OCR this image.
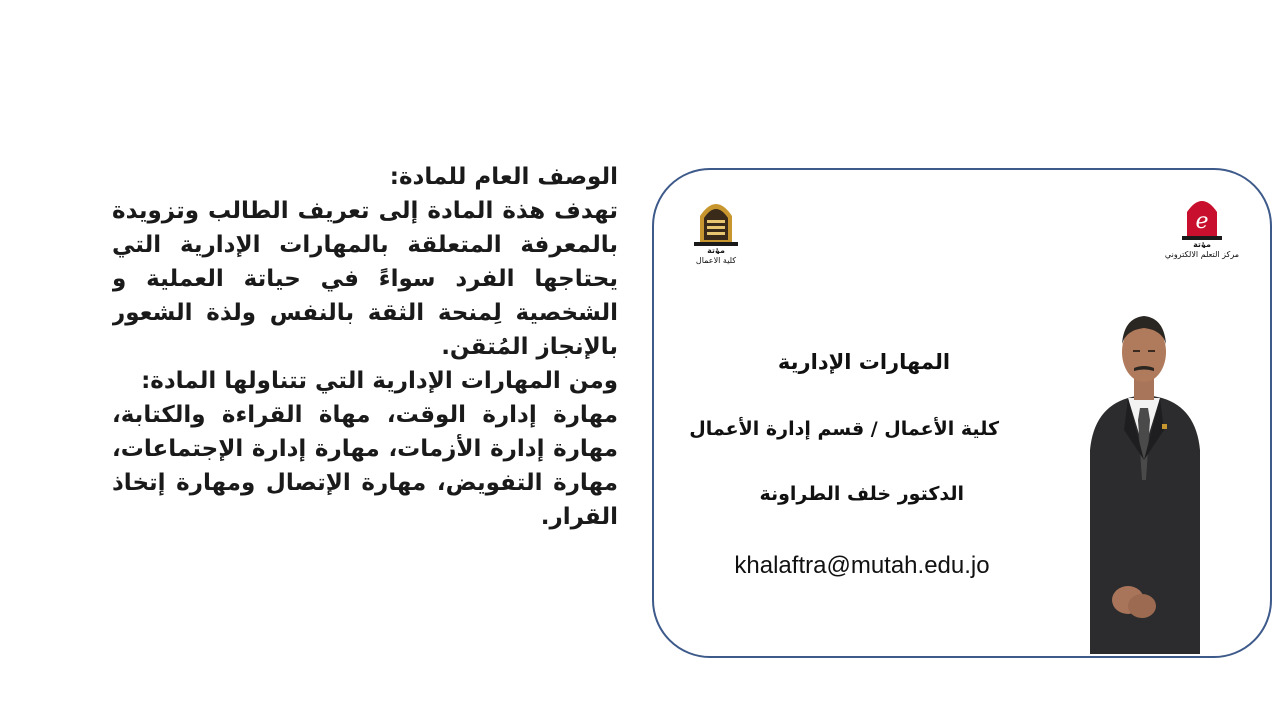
الوصف العام للمادة:

تهدف هذة المادة إلى تعريف الطالب وتزويدة بالمعرفة المتعلقة بالمهارات الإدارية التي يحتاجها الفرد سواءً في حياتة العملية و الشخصية لِمنحة الثقة بالنفس ولذة الشعور بالإنجاز المُتقن.

ومن المهارات الإدارية التي تتناولها المادة:

مهارة إدارة الوقت، مهاة القراءة والكتابة، مهارة إدارة الأزمات، مهارة إدارة الإجتماعات، مهارة التفويض، مهارة الإتصال ومهارة إتخاذ القرار.

مؤتة
كلية الاعمال
e
مؤتة
مركز التعلم الالكتروني
المهارات الإدارية
كلية الأعمال / قسم إدارة الأعمال
الدكتور خلف الطراونة
khalaftra@mutah.edu.jo
